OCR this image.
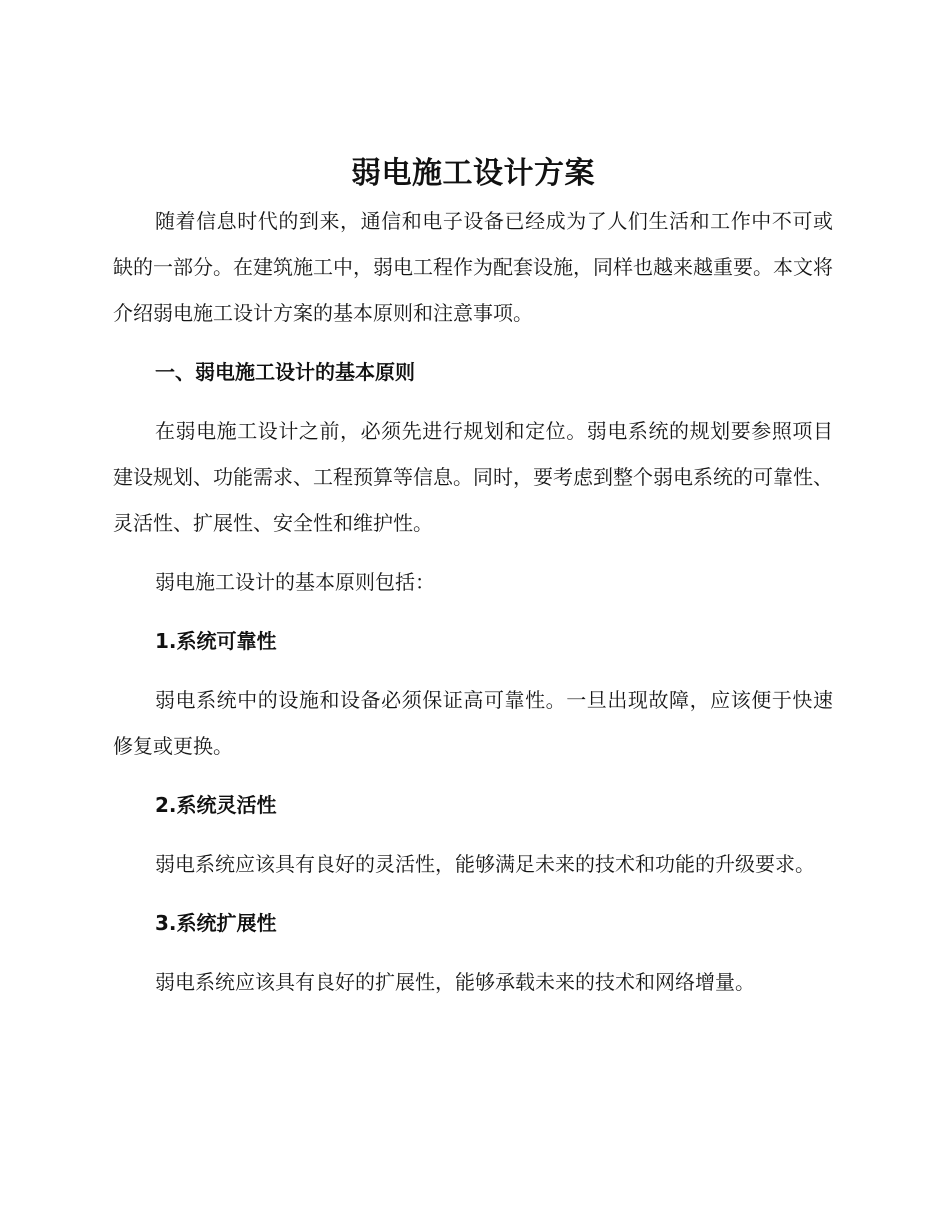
弱电施工设计方案

随着信息时代的到来，通信和电子设备已经成为了人们生活和工作中不可或缺的一部分。在建筑施工中，弱电工程作为配套设施，同样也越来越重要。本文将介绍弱电施工设计方案的基本原则和注意事项。

一、弱电施工设计的基本原则

在弱电施工设计之前，必须先进行规划和定位。弱电系统的规划要参照项目建设规划、功能需求、工程预算等信息。同时，要考虑到整个弱电系统的可靠性、灵活性、扩展性、安全性和维护性。

弱电施工设计的基本原则包括：

1.系统可靠性

弱电系统中的设施和设备必须保证高可靠性。一旦出现故障，应该便于快速修复或更换。

2.系统灵活性

弱电系统应该具有良好的灵活性，能够满足未来的技术和功能的升级要求。

3.系统扩展性

弱电系统应该具有良好的扩展性，能够承载未来的技术和网络增量。
